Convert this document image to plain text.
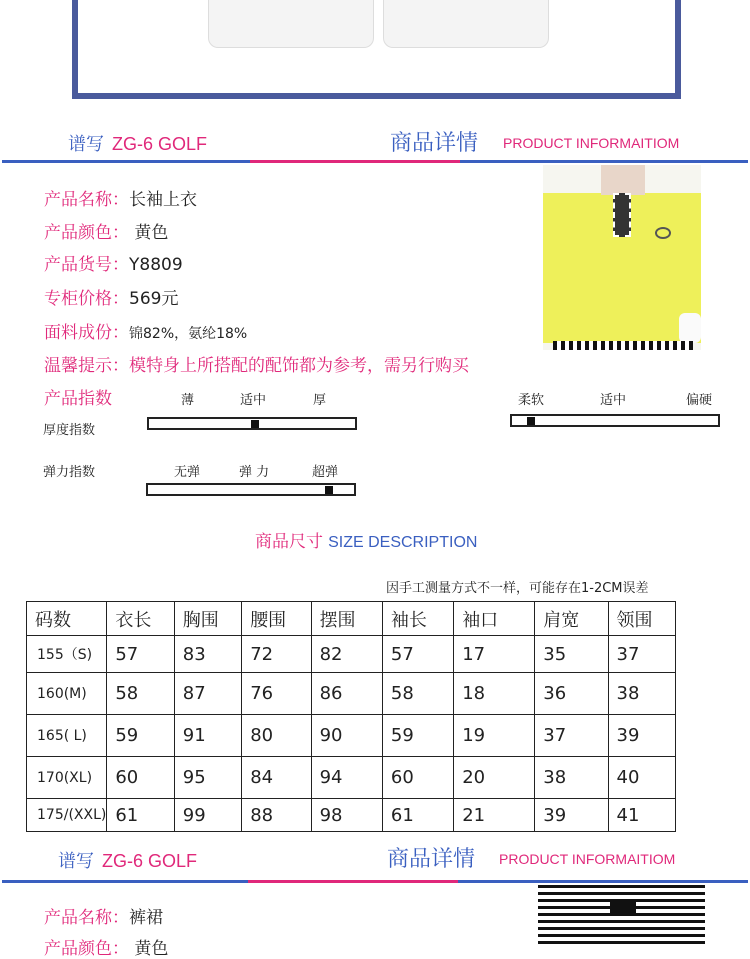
谱写 ZG-6 GOLF	商品详情 PRODUCT INFORMAITIOM
产品名称：长袖上衣
产品颜色： 黄色
产品货号：Y8809
专柜价格：569元
面料成份：锦82%，氨纶18%
温馨提示：模特身上所搭配的配饰都为参考，需另行购买
产品指数	薄	适中	厚
厚度指数
无弹	弹 力	超弹
弹力指数
柔软	适中	偏硬
商品尺寸 SIZE DESCRIPTION
因手工测量方式不一样，可能存在1-2CM误差
码数	衣长	胸围	腰围	摆围	袖长	袖口	肩宽	领围
155（S)	57	83	72	82	57	17	35	37
160(M)	58	87	76	86	58	18	36	38
165( L)	59	91	80	90	59	19	37	39
170(XL)	60	95	84	94	60	20	38	40
175/(XXL)	61	99	88	98	61	21	39	41
谱写 ZG-6 GOLF	商品详情 PRODUCT INFORMAITIOM
产品名称：裤裙
产品颜色： 黄色
